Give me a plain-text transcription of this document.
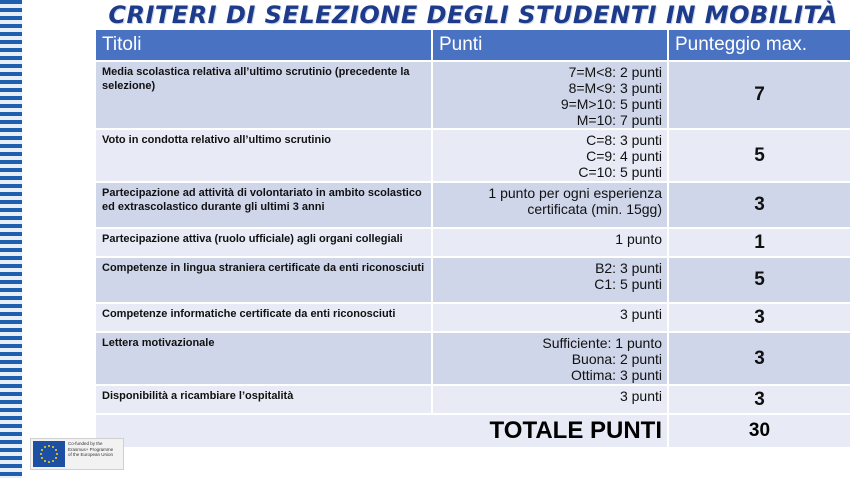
CRITERI DI SELEZIONE DEGLI STUDENTI IN MOBILITÀ
Titoli	Punti	Punteggio max.
Media scolastica relativa all’ultimo scrutinio (precedente la selezione)	7=M<8: 2 punti
8=M<9: 3 punti
9=M>10: 5 punti
M=10: 7 punti	7
Voto in condotta relativo all’ultimo scrutinio	C=8: 3 punti
C=9: 4 punti
C=10: 5 punti	5
Partecipazione ad attività di volontariato in ambito scolastico ed extrascolastico durante gli ultimi 3 anni	1 punto per ogni esperienza
certificata (min. 15gg)	3
Partecipazione attiva (ruolo ufficiale) agli organi collegiali	1 punto	1
Competenze in lingua straniera certificate da enti riconosciuti	B2: 3 punti
C1: 5 punti	5
Competenze informatiche certificate da enti riconosciuti	3 punti	3
Lettera motivazionale	Sufficiente: 1 punto
Buona: 2 punti
Ottima: 3 punti	3
Disponibilità a ricambiare l’ospitalità	3 punti	3
TOTALE PUNTI		30
Co-funded by the
Erasmus+ Programme
of the European Union
